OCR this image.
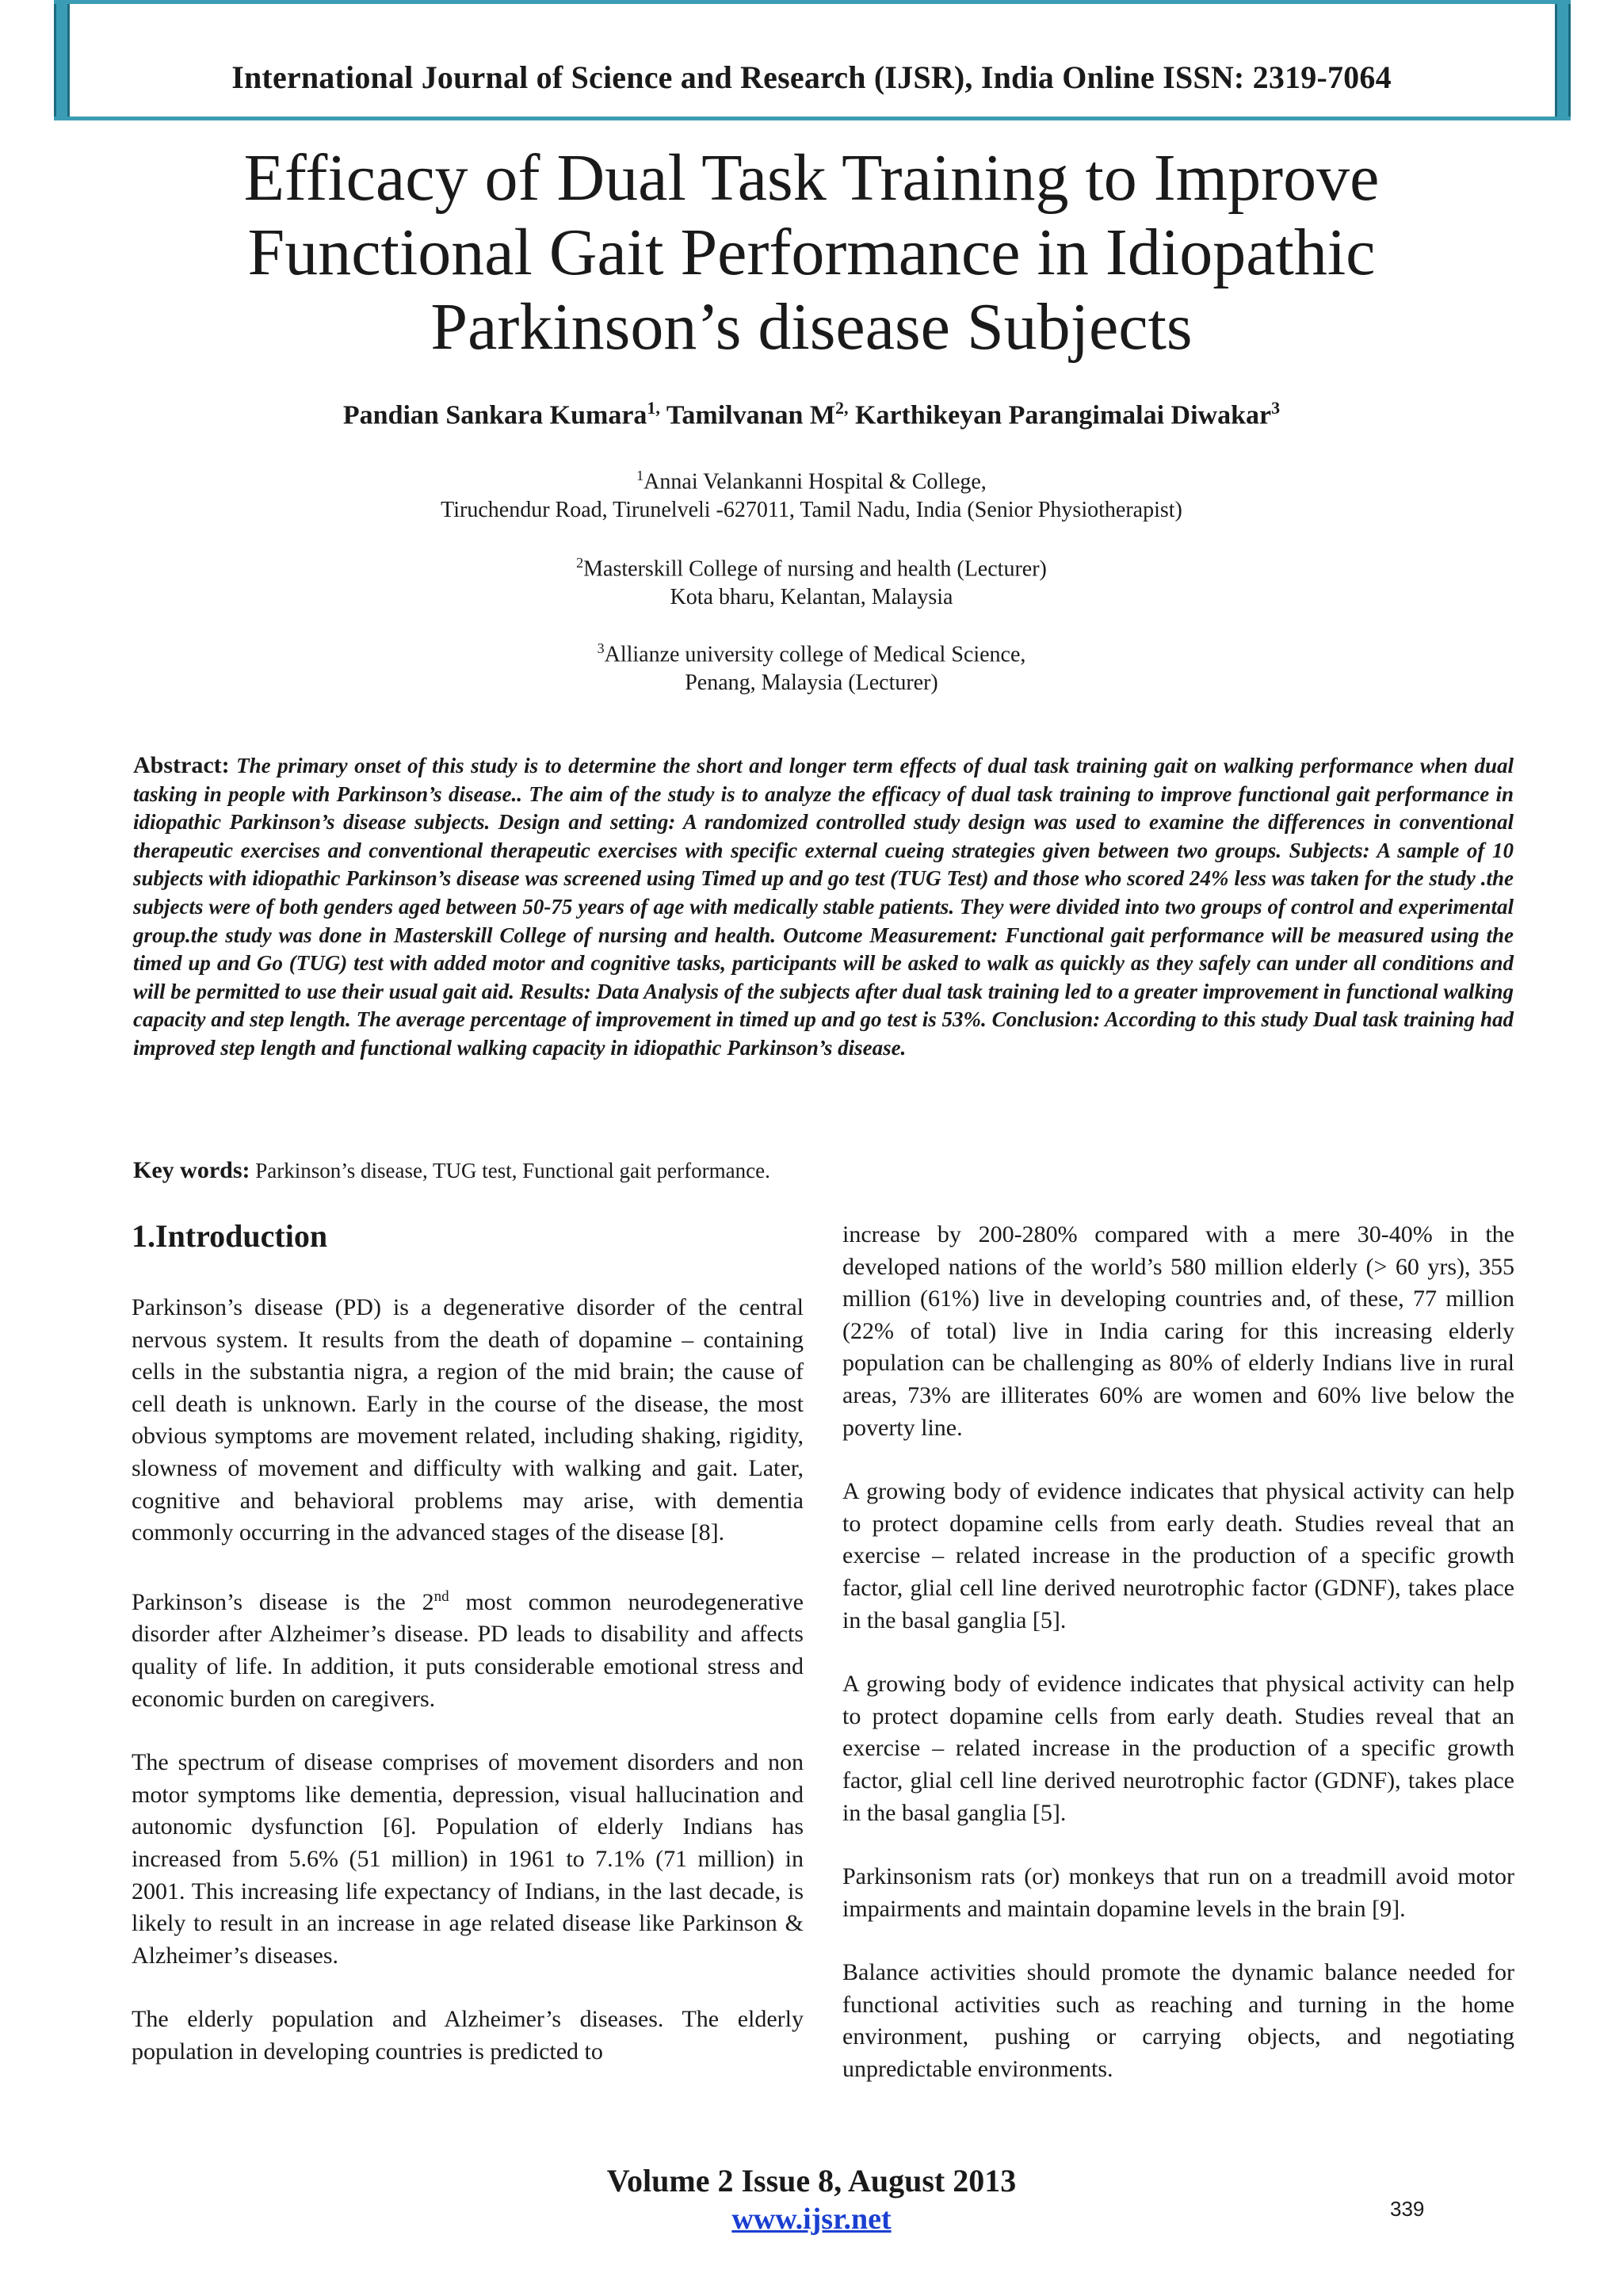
International Journal of Science and Research (IJSR), India Online ISSN: 2319-7064
Efficacy of Dual Task Training to Improve Functional Gait Performance in Idiopathic Parkinson’s disease Subjects
Pandian Sankara Kumara$^{1,}$ Tamilvanan $M^{2,}$ Karthikeyan Parangimalai Diwakar$^3$
$^1$Annai Velankanni Hospital & College,
Tiruchendur Road, Tirunelveli -627011, Tamil Nadu, India (Senior Physiotherapist)
$^2$Masterskill College of nursing and health (Lecturer)
Kota bharu, Kelantan, Malaysia
$^3$Allianze university college of Medical Science,
Penang, Malaysia (Lecturer)
Abstract: The primary onset of this study is to determine the short and longer term effects of dual task training gait on walking performance when dual tasking in people with Parkinson’s disease.. The aim of the study is to analyze the efficacy of dual task training to improve functional gait performance in idiopathic Parkinson’s disease subjects. Design and setting: A randomized controlled study design was used to examine the differences in conventional therapeutic exercises and conventional therapeutic exercises with specific external cueing strategies given between two groups. Subjects: A sample of 10 subjects with idiopathic Parkinson’s disease was screened using Timed up and go test (TUG Test) and those who scored 24% less was taken for the study .the subjects were of both genders aged between 50-75 years of age with medically stable patients. They were divided into two groups of control and experimental group.the study was done in Masterskill College of nursing and health. Outcome Measurement: Functional gait performance will be measured using the timed up and Go (TUG) test with added motor and cognitive tasks, participants will be asked to walk as quickly as they safely can under all conditions and will be permitted to use their usual gait aid. Results: Data Analysis of the subjects after dual task training led to a greater improvement in functional walking capacity and step length. The average percentage of improvement in timed up and go test is 53%. Conclusion: According to this study Dual task training had improved step length and functional walking capacity in idiopathic Parkinson’s disease.
Key words: Parkinson’s disease, TUG test, Functional gait performance.
1.Introduction

Parkinson’s disease (PD) is a degenerative disorder of the central nervous system. It results from the death of dopamine – containing cells in the substantia nigra, a region of the mid brain; the cause of cell death is unknown. Early in the course of the disease, the most obvious symptoms are movement related, including shaking, rigidity, slowness of movement and difficulty with walking and gait. Later, cognitive and behavioral problems may arise, with dementia commonly occurring in the advanced stages of the disease [8].

Parkinson’s disease is the 2nd most common neurodegenerative disorder after Alzheimer’s disease. PD leads to disability and affects quality of life. In addition, it puts considerable emotional stress and economic burden on caregivers.

The spectrum of disease comprises of movement disorders and non motor symptoms like dementia, depression, visual hallucination and autonomic dysfunction [6]. Population of elderly Indians has increased from 5.6% (51 million) in 1961 to 7.1% (71 million) in 2001. This increasing life expectancy of Indians, in the last decade, is likely to result in an increase in age related disease like Parkinson & Alzheimer’s diseases.

The elderly population and Alzheimer’s diseases. The elderly population in developing countries is predicted to

increase by 200-280% compared with a mere 30-40% in the developed nations of the world’s 580 million elderly (> 60 yrs), 355 million (61%) live in developing countries and, of these, 77 million (22% of total) live in India caring for this increasing elderly population can be challenging as 80% of elderly Indians live in rural areas, 73% are illiterates 60% are women and 60% live below the poverty line.

A growing body of evidence indicates that physical activity can help to protect dopamine cells from early death. Studies reveal that an exercise – related increase in the production of a specific growth factor, glial cell line derived neurotrophic factor (GDNF), takes place in the basal ganglia [5].

A growing body of evidence indicates that physical activity can help to protect dopamine cells from early death. Studies reveal that an exercise – related increase in the production of a specific growth factor, glial cell line derived neurotrophic factor (GDNF), takes place in the basal ganglia [5].

Parkinsonism rats (or) monkeys that run on a treadmill avoid motor impairments and maintain dopamine levels in the brain [9].

Balance activities should promote the dynamic balance needed for functional activities such as reaching and turning in the home environment, pushing or carrying objects, and negotiating unpredictable environments.

Volume 2 Issue 8, August 2013
www.ijsr.net	339
